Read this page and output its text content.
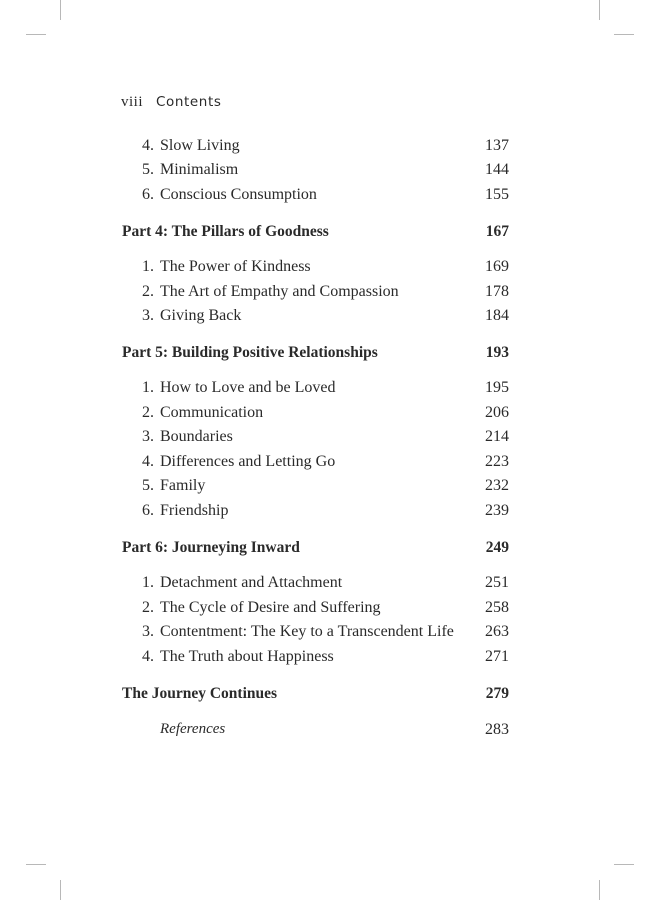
viii Contents
4. Slow Living	137
5. Minimalism	144
6. Conscious Consumption	155
Part 4: The Pillars of Goodness	167
1. The Power of Kindness	169
2. The Art of Empathy and Compassion	178
3. Giving Back	184
Part 5: Building Positive Relationships	193
1. How to Love and be Loved	195
2. Communication	206
3. Boundaries	214
4. Differences and Letting Go	223
5. Family	232
6. Friendship	239
Part 6: Journeying Inward	249
1. Detachment and Attachment	251
2. The Cycle of Desire and Suffering	258
3. Contentment: The Key to a Transcendent Life 263
4. The Truth about Happiness	271
The Journey Continues	279
References	283
